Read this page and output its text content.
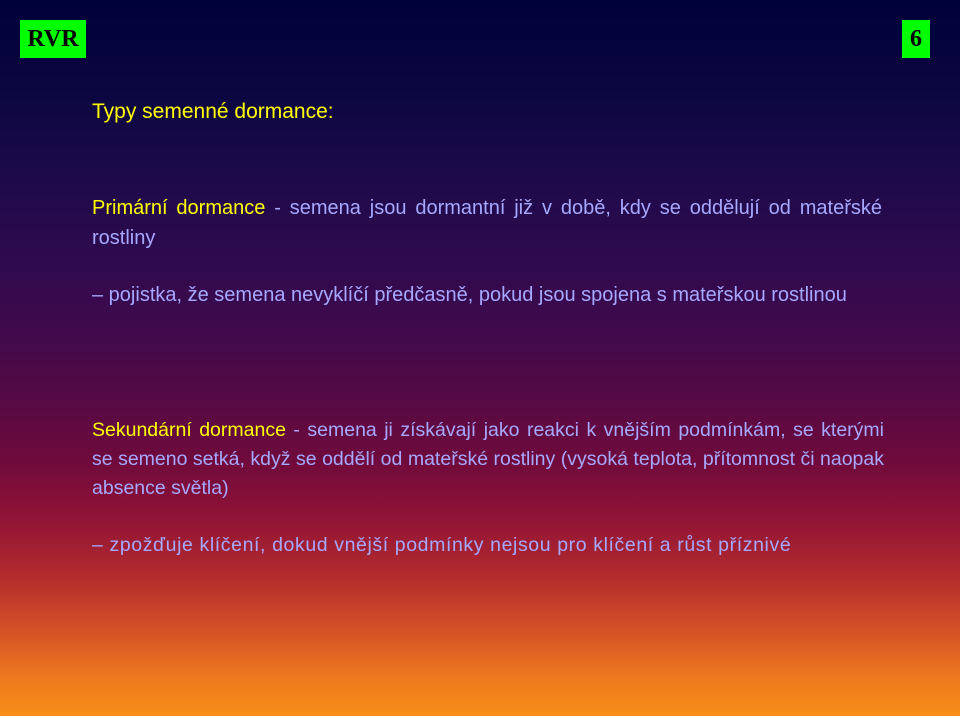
RVR	6
Typy semenné dormance:
Primární dormance - semena jsou dormantní již v době, kdy se oddělují od mateřské rostliny
– pojistka, že semena nevyklíčí předčasně, pokud jsou spojena s mateřskou rostlinou
Sekundární dormance - semena ji získávají jako reakci k vnějším podmínkám, se kterými se semeno setká, když se oddělí od mateřské rostliny (vysoká teplota, přítomnost či naopak absence světla)
– zpožďuje klíčení, dokud vnější podmínky nejsou pro klíčení a růst příznivé
